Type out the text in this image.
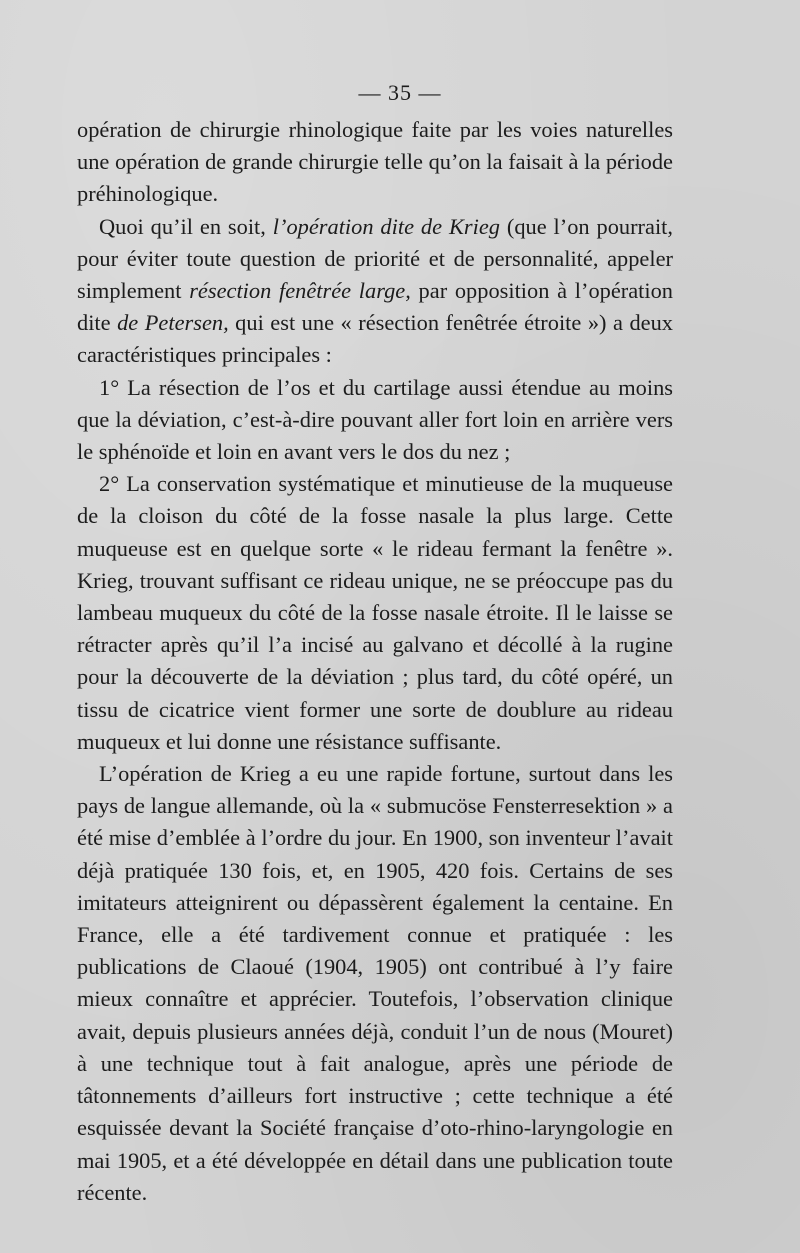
— 35 —

opération de chirurgie rhinologique faite par les voies naturelles une opération de grande chirurgie telle qu’on la faisait à la période préhinologique.

Quoi qu’il en soit, l’opération dite de Krieg (que l’on pourrait, pour éviter toute question de priorité et de personnalité, appeler simplement résection fenêtrée large, par opposition à l’opération dite de Petersen, qui est une « résection fenêtrée étroite ») a deux caractéristiques principales :

1° La résection de l’os et du cartilage aussi étendue au moins que la déviation, c’est-à-dire pouvant aller fort loin en arrière vers le sphénoïde et loin en avant vers le dos du nez ;

2° La conservation systématique et minutieuse de la muqueuse de la cloison du côté de la fosse nasale la plus large. Cette muqueuse est en quelque sorte « le rideau fermant la fenêtre ». Krieg, trouvant suffisant ce rideau unique, ne se préoccupe pas du lambeau muqueux du côté de la fosse nasale étroite. Il le laisse se rétracter après qu’il l’a incisé au galvano et décollé à la rugine pour la découverte de la déviation ; plus tard, du côté opéré, un tissu de cicatrice vient former une sorte de doublure au rideau muqueux et lui donne une résistance suffisante.

L’opération de Krieg a eu une rapide fortune, surtout dans les pays de langue allemande, où la « submucöse Fensterresektion » a été mise d’emblée à l’ordre du jour. En 1900, son inventeur l’avait déjà pratiquée 130 fois, et, en 1905, 420 fois. Certains de ses imitateurs atteignirent ou dépassèrent également la centaine. En France, elle a été tardivement connue et pratiquée : les publications de Claoué (1904, 1905) ont contribué à l’y faire mieux connaître et apprécier. Toutefois, l’observation clinique avait, depuis plusieurs années déjà, conduit l’un de nous (Mouret) à une technique tout à fait analogue, après une période de tâtonnements d’ailleurs fort instructive ; cette technique a été esquissée devant la Société française d’oto-rhino-laryngologie en mai 1905, et a été développée en détail dans une publication toute récente.
